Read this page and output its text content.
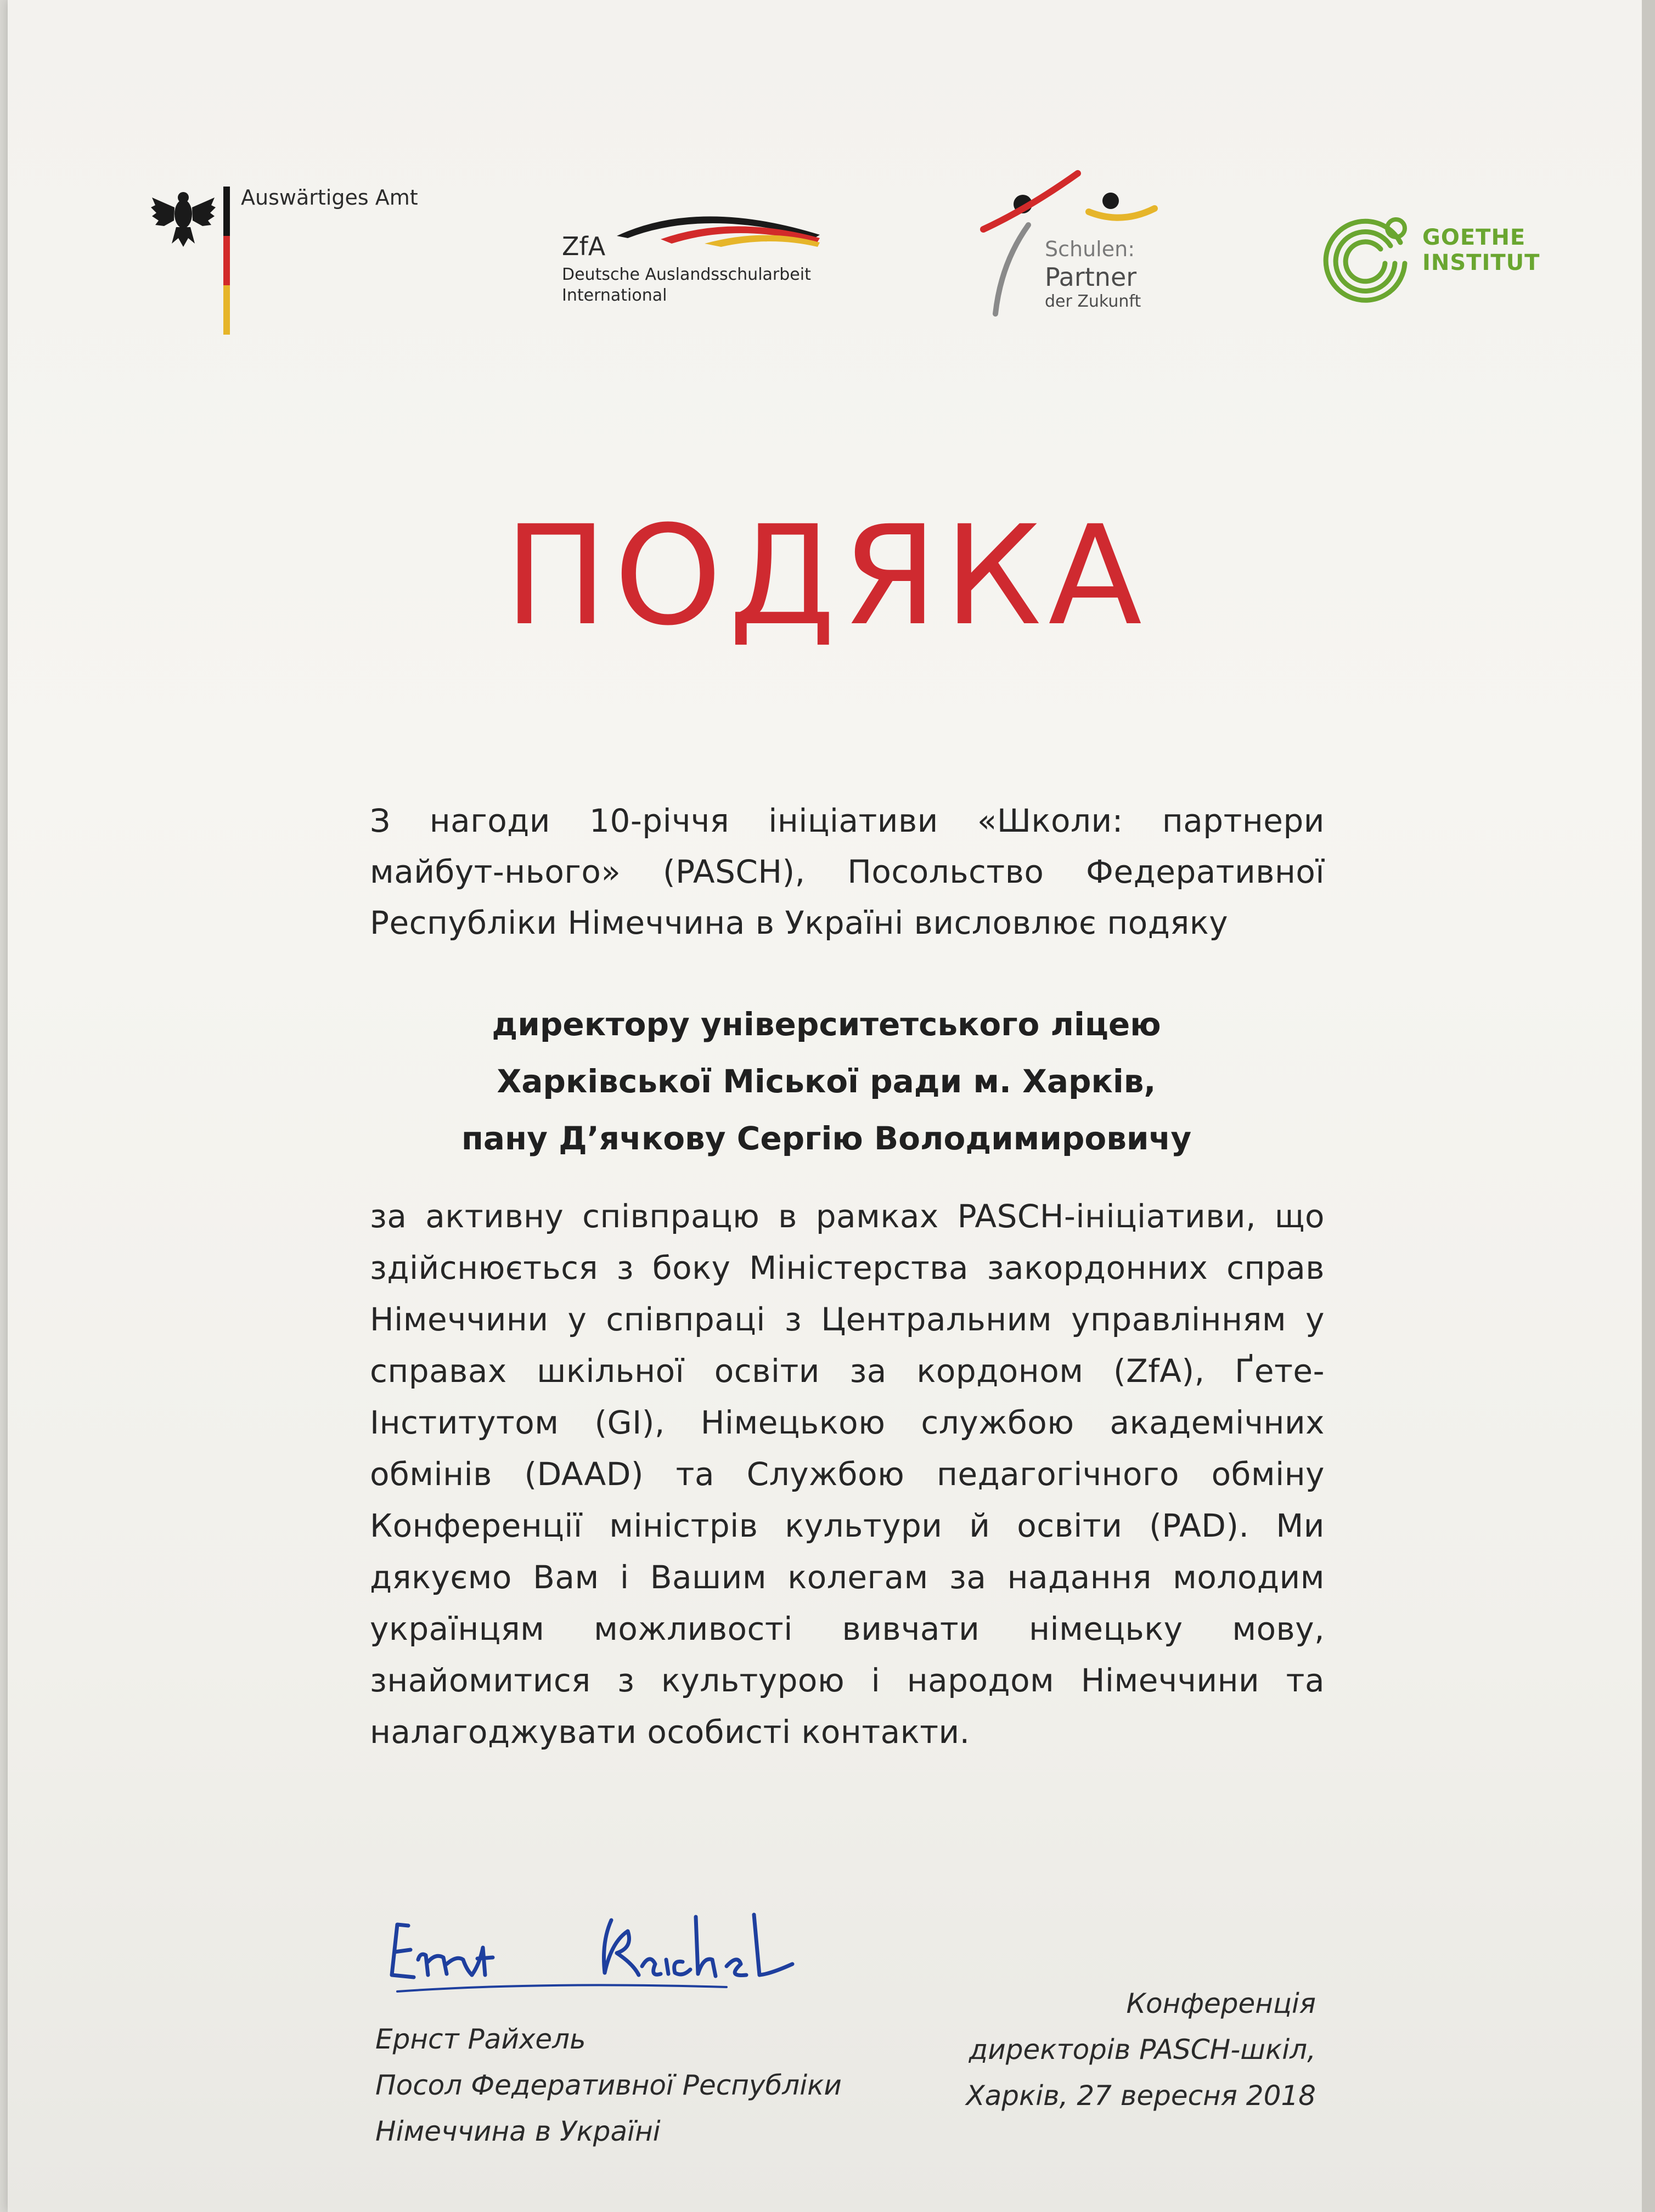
Auswärtiges Amt
ZfA
Deutsche Auslandsschularbeit
International
Schulen:
Partner
der Zukunft
GOETHE
INSTITUT
ПОДЯКА
З нагоди 10-річчя ініціативи «Школи: партнери майбут-нього» (PASCH), Посольство Федеративної Республіки Німеччина в Україні висловлює подяку
директору університетського ліцею
Харківської Міської ради м. Харків,
пану Д’ячкову Сергію Володимировичу
за активну співпрацю в рамках PASCH-ініціативи, що здійснюється з боку Міністерства закордонних справ Німеччини у співпраці з Центральним управлінням у справах шкільної освіти за кордоном (ZfA), Ґете-Інститутом (GI), Німецькою службою академічних обмінів (DAAD) та Службою педагогічного обміну Конференції міністрів культури й освіти (PAD). Ми дякуємо Вам і Вашим колегам за надання молодим українцям можливості вивчати німецьку мову, знайомитися з культурою і народом Німеччини та налагоджувати особисті контакти.
Ернст Райхель
Посол Федеративної Республіки
Німеччина в Україні
Конференція
директорів PASCH-шкіл,
Харків, 27 вересня 2018
